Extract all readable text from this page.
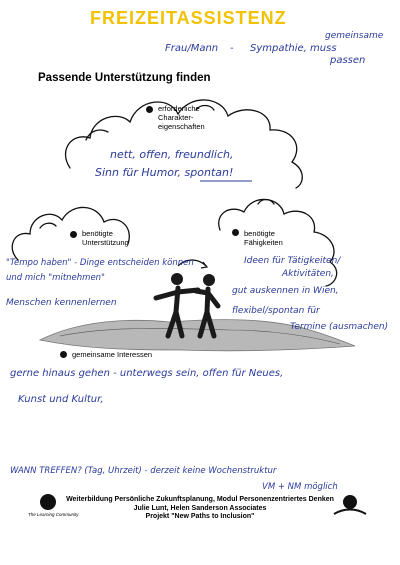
FREIZEITASSISTENZ
Frau/Mann - Sympathie, muss
gemeinsame
passen
Passende Unterstützung finden
erforderliche Charakter-eigenschaften
nett, offen, freundlich,
Sinn für Humor, spontan!
benötigte Unterstützung
"Tempo haben" - Dinge entscheiden können
und mich "mitnehmen"
Menschen kennenlernen
benötigte Fähigkeiten
Ideen für Tätigkeiten/
Aktivitäten,
gut auskennen in Wien,
flexibel/spontan für
Termine (ausmachen)
gemeinsame Interessen
gerne hinaus gehen - unterwegs sein, offen für Neues,
Kunst und Kultur,
WANN TREFFEN? (Tag, Uhrzeit) - derzeit keine Wochenstruktur
VM + NM möglich
The Learning Community
Weiterbildung Persönliche Zukunftsplanung, Modul Personenzentriertes Denken
Julie Lunt, Helen Sanderson Associates
Projekt "New Paths to Inclusion"
